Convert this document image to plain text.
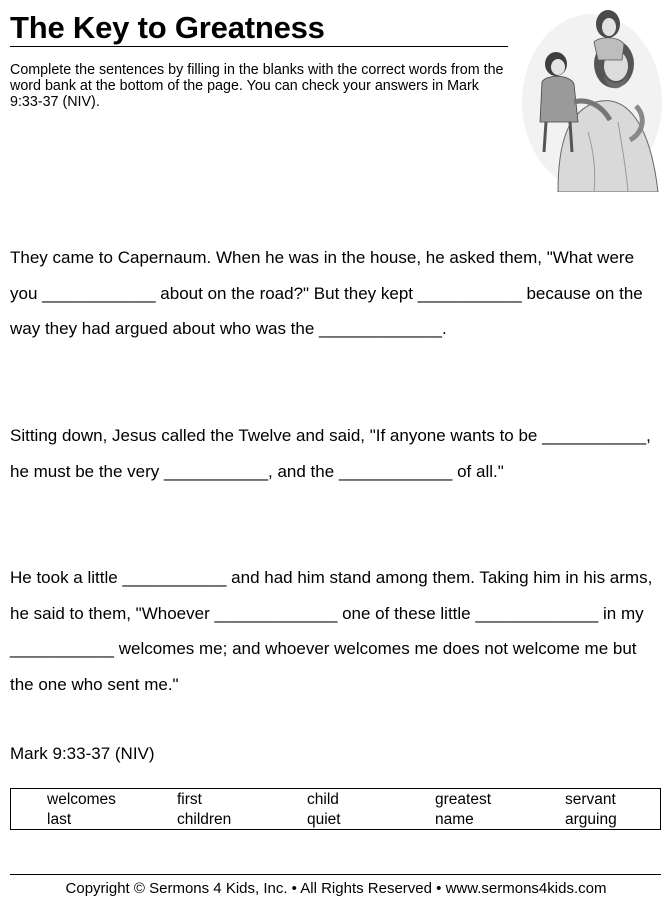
The Key to Greatness
Complete the sentences by filling in the blanks with the correct words from the word bank at the bottom of the page. You can check your answers in Mark 9:33-37 (NIV).
They came to Capernaum. When he was in the house, he asked them, "What were you ____________ about on the road?" But they kept ___________ because on the way they had argued about who was the _____________.
Sitting down, Jesus called the Twelve and said, "If anyone wants to be ___________, he must be the very ___________, and the ____________ of all."
He took a little ___________ and had him stand among them. Taking him in his arms, he said to them, "Whoever _____________ one of these little _____________ in my ___________ welcomes me; and whoever welcomes me does not welcome me but the one who sent me."
Mark 9:33-37 (NIV)
welcomes	first	child	greatest	servant
last	children	quiet	name	arguing
Copyright © Sermons 4 Kids, Inc. • All Rights Reserved • www.sermons4kids.com
